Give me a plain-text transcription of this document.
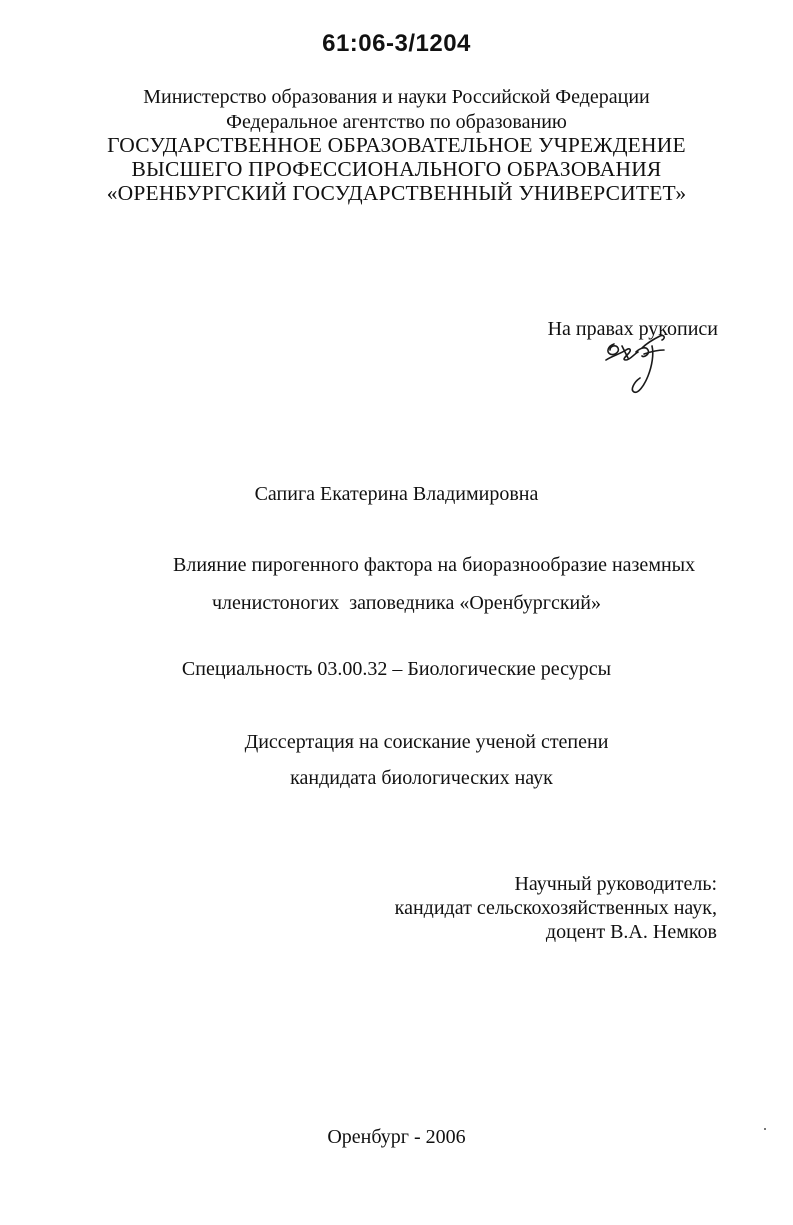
61:06-3/1204
Министерство образования и науки Российской Федерации
Федеральное агентство по образованию
ГОСУДАРСТВЕННОЕ ОБРАЗОВАТЕЛЬНОЕ УЧРЕЖДЕНИЕ
ВЫСШЕГО ПРОФЕССИОНАЛЬНОГО ОБРАЗОВАНИЯ
«ОРЕНБУРГСКИЙ ГОСУДАРСТВЕННЫЙ УНИВЕРСИТЕТ»
На правах рукописи
Сапига Екатерина Владимировна
Влияние пирогенного фактора на биоразнообразие наземных
членистоногих  заповедника «Оренбургский»
Специальность 03.00.32 – Биологические ресурсы
Диссертация на соискание ученой степени
кандидата биологических наук
Научный руководитель:
кандидат сельскохозяйственных наук,
доцент В.А. Немков
Оренбург - 2006
